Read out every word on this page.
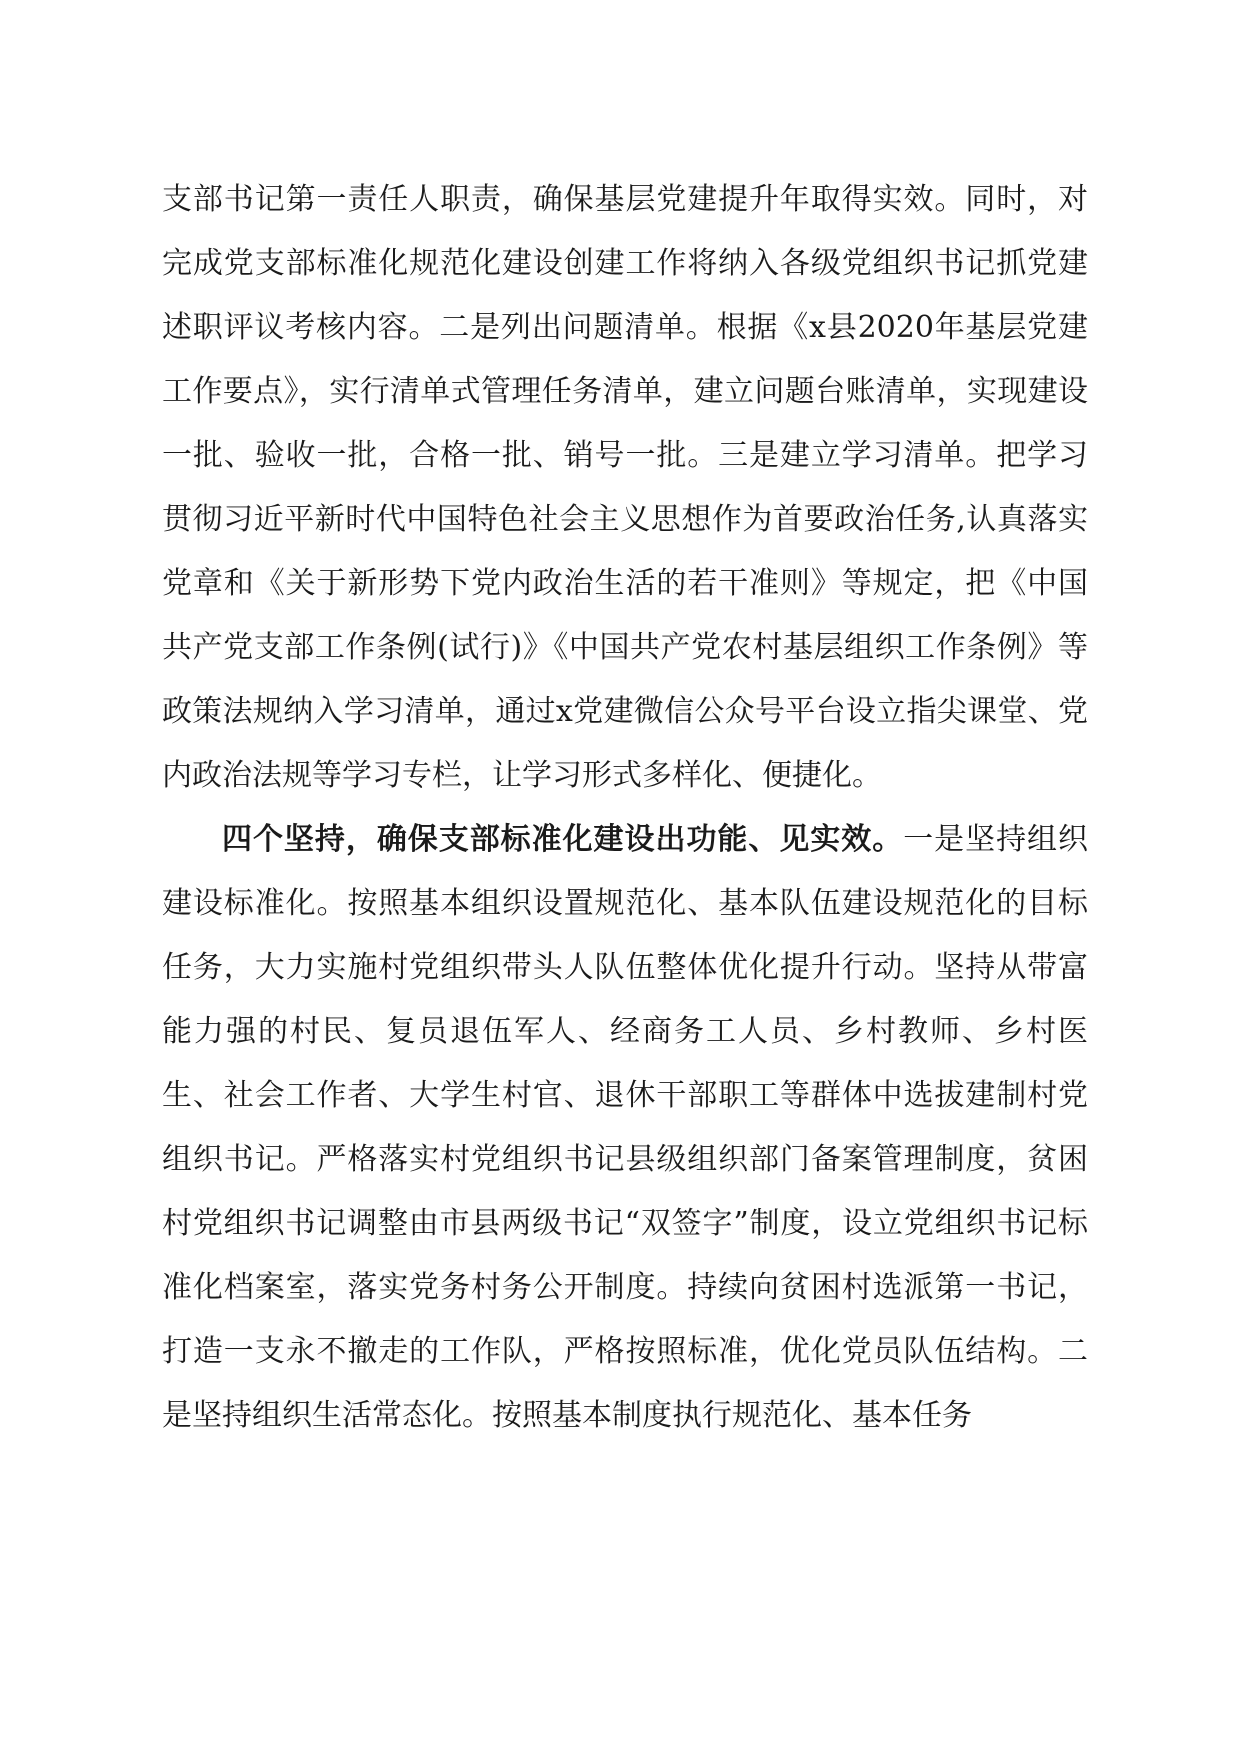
支部书记第一责任人职责，确保基层党建提升年取得实效。同时，对完成党支部标准化规范化建设创建工作将纳入各级党组织书记抓党建述职评议考核内容。二是列出问题清单。根据《x县2020年基层党建工作要点》，实行清单式管理任务清单，建立问题台账清单，实现建设一批、验收一批，合格一批、销号一批。三是建立学习清单。把学习贯彻习近平新时代中国特色社会主义思想作为首要政治任务,认真落实党章和《关于新形势下党内政治生活的若干准则》等规定，把《中国共产党支部工作条例(试行)》《中国共产党农村基层组织工作条例》等政策法规纳入学习清单，通过x党建微信公众号平台设立指尖课堂、党内政治法规等学习专栏，让学习形式多样化、便捷化。

四个坚持，确保支部标准化建设出功能、见实效。一是坚持组织建设标准化。按照基本组织设置规范化、基本队伍建设规范化的目标任务，大力实施村党组织带头人队伍整体优化提升行动。坚持从带富能力强的村民、复员退伍军人、经商务工人员、乡村教师、乡村医生、社会工作者、大学生村官、退休干部职工等群体中选拔建制村党组织书记。严格落实村党组织书记县级组织部门备案管理制度，贫困村党组织书记调整由市县两级书记“双签字”制度，设立党组织书记标准化档案室，落实党务村务公开制度。持续向贫困村选派第一书记，打造一支永不撤走的工作队，严格按照标准，优化党员队伍结构。二是坚持组织生活常态化。按照基本制度执行规范化、基本任务
